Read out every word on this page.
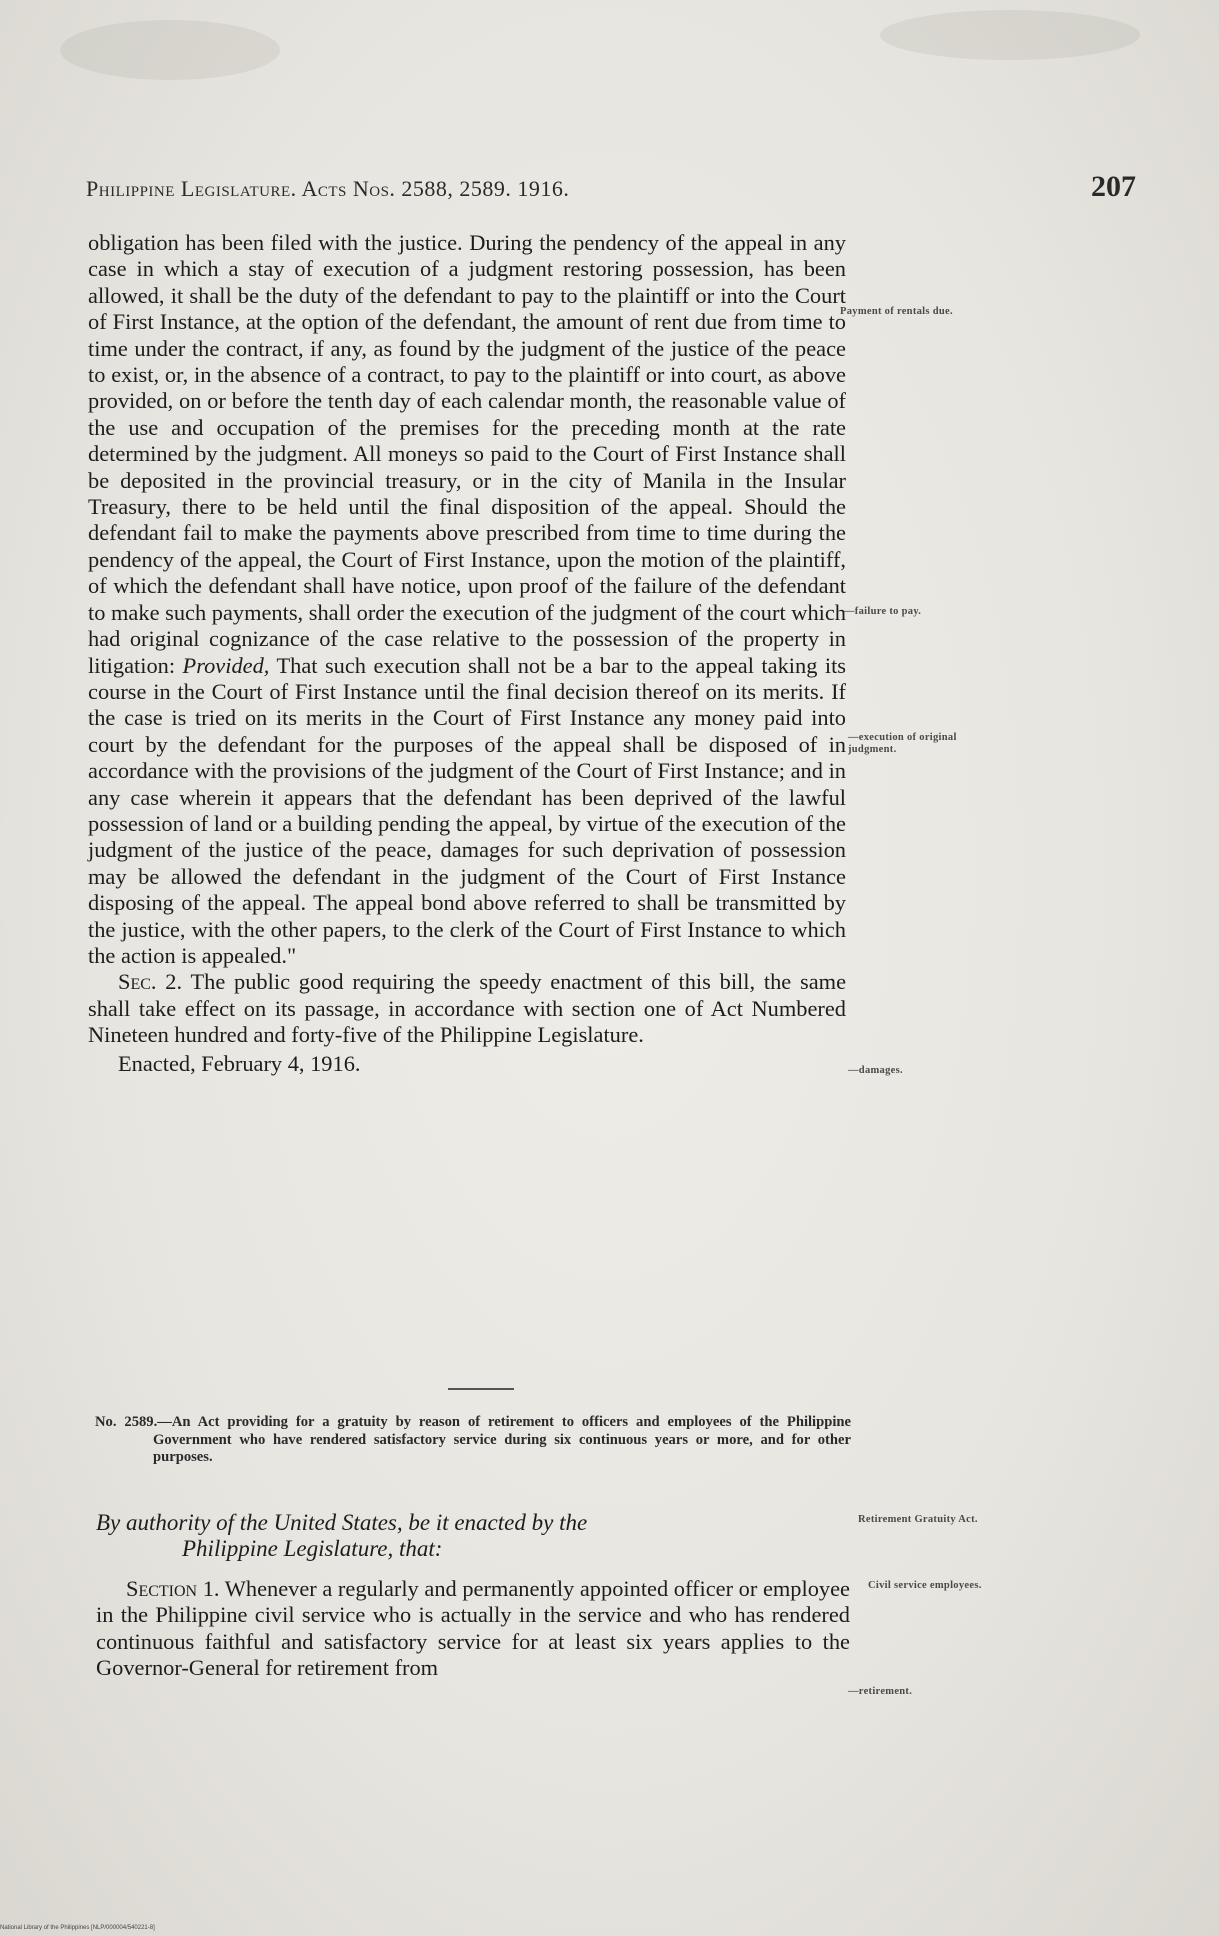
Philippine Legislature. Acts Nos. 2588, 2589. 1916.	207

obligation has been filed with the justice. During the pendency of the appeal in any case in which a stay of execution of a judgment restoring possession, has been allowed, it shall be the duty of the defendant to pay to the plaintiff or into the Court of First Instance, at the option of the defendant, the amount of rent due from time to time under the contract, if any, as found by the judgment of the justice of the peace to exist, or, in the absence of a contract, to pay to the plaintiff or into court, as above provided, on or before the tenth day of each calendar month, the reasonable value of the use and occupation of the premises for the preceding month at the rate determined by the judgment. All moneys so paid to the Court of First Instance shall be deposited in the provincial treasury, or in the city of Manila in the Insular Treasury, there to be held until the final disposition of the appeal. Should the defendant fail to make the payments above prescribed from time to time during the pendency of the appeal, the Court of First Instance, upon the motion of the plaintiff, of which the defendant shall have notice, upon proof of the failure of the defendant to make such payments, shall order the execution of the judgment of the court which had original cognizance of the case relative to the possession of the property in litigation: Provided, That such execution shall not be a bar to the appeal taking its course in the Court of First Instance until the final decision thereof on its merits. If the case is tried on its merits in the Court of First Instance any money paid into court by the defendant for the purposes of the appeal shall be disposed of in accordance with the provisions of the judgment of the Court of First Instance; and in any case wherein it appears that the defendant has been deprived of the lawful possession of land or a building pending the appeal, by virtue of the execution of the judgment of the justice of the peace, damages for such deprivation of possession may be allowed the defendant in the judgment of the Court of First Instance disposing of the appeal. The appeal bond above referred to shall be transmitted by the justice, with the other papers, to the clerk of the Court of First Instance to which the action is appealed."

Sec. 2. The public good requiring the speedy enactment of this bill, the same shall take effect on its passage, in accordance with section one of Act Numbered Nineteen hundred and forty-five of the Philippine Legislature.

Enacted, February 4, 1916.

No. 2589.—An Act providing for a gratuity by reason of retirement to officers and employees of the Philippine Government who have rendered satisfactory service during six continuous years or more, and for other purposes.
By authority of the United States, be it enacted by the
Philippine Legislature, that:
Section 1. Whenever a regularly and permanently appointed officer or employee in the Philippine civil service who is actually in the service and who has rendered continuous faithful and satisfactory service for at least six years applies to the Governor-General for retirement from
Payment of rentals due.
—failure to pay.
—execution of original judgment.
—damages.
Retirement Gratuity Act.
Civil service employees.
—retirement.
National Library of the Philippines [NLP/000004/540221-8]
